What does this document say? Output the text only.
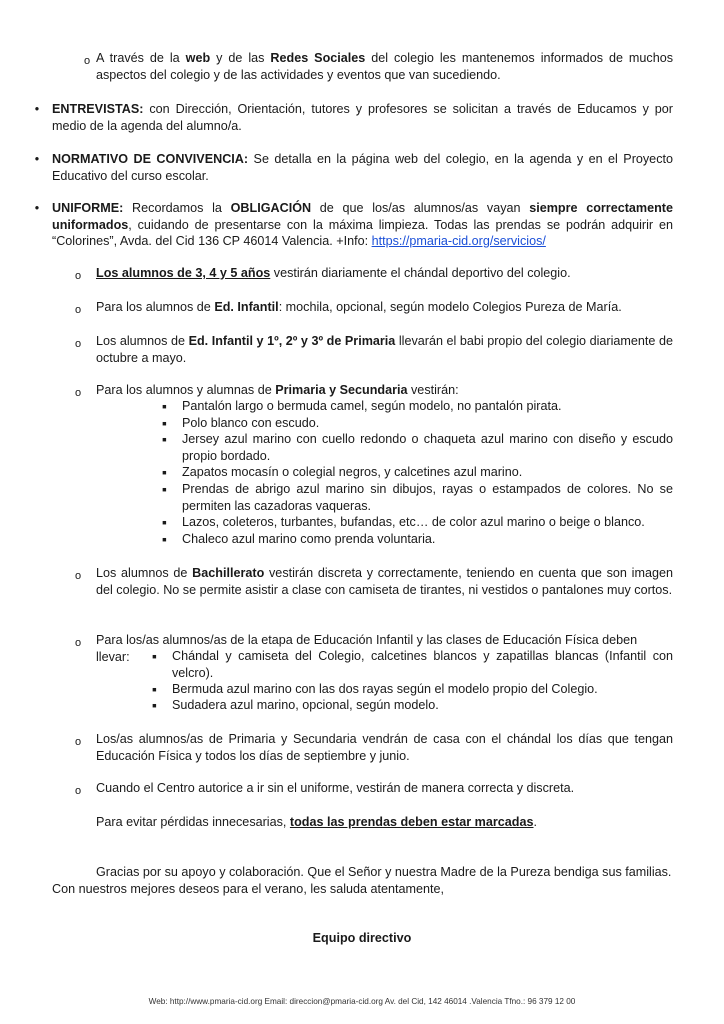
o A través de la web y de las Redes Sociales del colegio les mantenemos informados de muchos aspectos del colegio y de las actividades y eventos que van sucediendo.

•	ENTREVISTAS: con Dirección, Orientación, tutores y profesores se solicitan a través de Educamos y por medio de la agenda del alumno/a.

•	NORMATIVO DE CONVIVENCIA: Se detalla en la página web del colegio, en la agenda y en el Proyecto Educativo del curso escolar.

•	UNIFORME: Recordamos la OBLIGACIÓN de que los/as alumnos/as vayan siempre correctamente uniformados, cuidando de presentarse con la máxima limpieza. Todas las prendas se podrán adquirir en “Colorines”, Avda. del Cid 136 CP 46014 Valencia. +Info: https://pmaria-cid.org/servicios/

o Los alumnos de 3, 4 y 5 años vestirán diariamente el chándal deportivo del colegio.

o Para los alumnos de Ed. Infantil: mochila, opcional, según modelo Colegios Pureza de María.

o Los alumnos de Ed. Infantil y 1º, 2º y 3º de Primaria llevarán el babi propio del colegio diariamente de octubre a mayo.

o Para los alumnos y alumnas de Primaria y Secundaria vestirán:

▪ Pantalón largo o bermuda camel, según modelo, no pantalón pirata.

▪ Polo blanco con escudo.

▪ Jersey azul marino con cuello redondo o chaqueta azul marino con diseño y escudo propio bordado.

▪ Zapatos mocasín o colegial negros, y calcetines azul marino.

▪ Prendas de abrigo azul marino sin dibujos, rayas o estampados de colores. No se permiten las cazadoras vaqueras.

▪ Lazos, coleteros, turbantes, bufandas, etc… de color azul marino o beige o blanco.

▪ Chaleco azul marino como prenda voluntaria.

o Los alumnos de Bachillerato vestirán discreta y correctamente, teniendo en cuenta que son imagen del colegio. No se permite asistir a clase con camiseta de tirantes, ni vestidos o pantalones muy cortos.

o Para los/as alumnos/as de la etapa de Educación Infantil y las clases de Educación Física deben llevar:	▪ Chándal y camiseta del Colegio, calcetines blancos y zapatillas blancas (Infantil con velcro).

▪ Bermuda azul marino con las dos rayas según el modelo propio del Colegio.

▪ Sudadera azul marino, opcional, según modelo.

o Los/as alumnos/as de Primaria y Secundaria vendrán de casa con el chándal los días que tengan Educación Física y todos los días de septiembre y junio.

o Cuando el Centro autorice a ir sin el uniforme, vestirán de manera correcta y discreta.

Para evitar pérdidas innecesarias, todas las prendas deben estar marcadas.

Gracias por su apoyo y colaboración. Que el Señor y nuestra Madre de la Pureza bendiga sus familias.

Con nuestros mejores deseos para el verano, les saluda atentamente,

Equipo directivo

Web: http://www.pmaria-cid.org Email: direccion@pmaria-cid.org Av. del Cid, 142 46014 .Valencia Tfno.: 96 379 12 00
